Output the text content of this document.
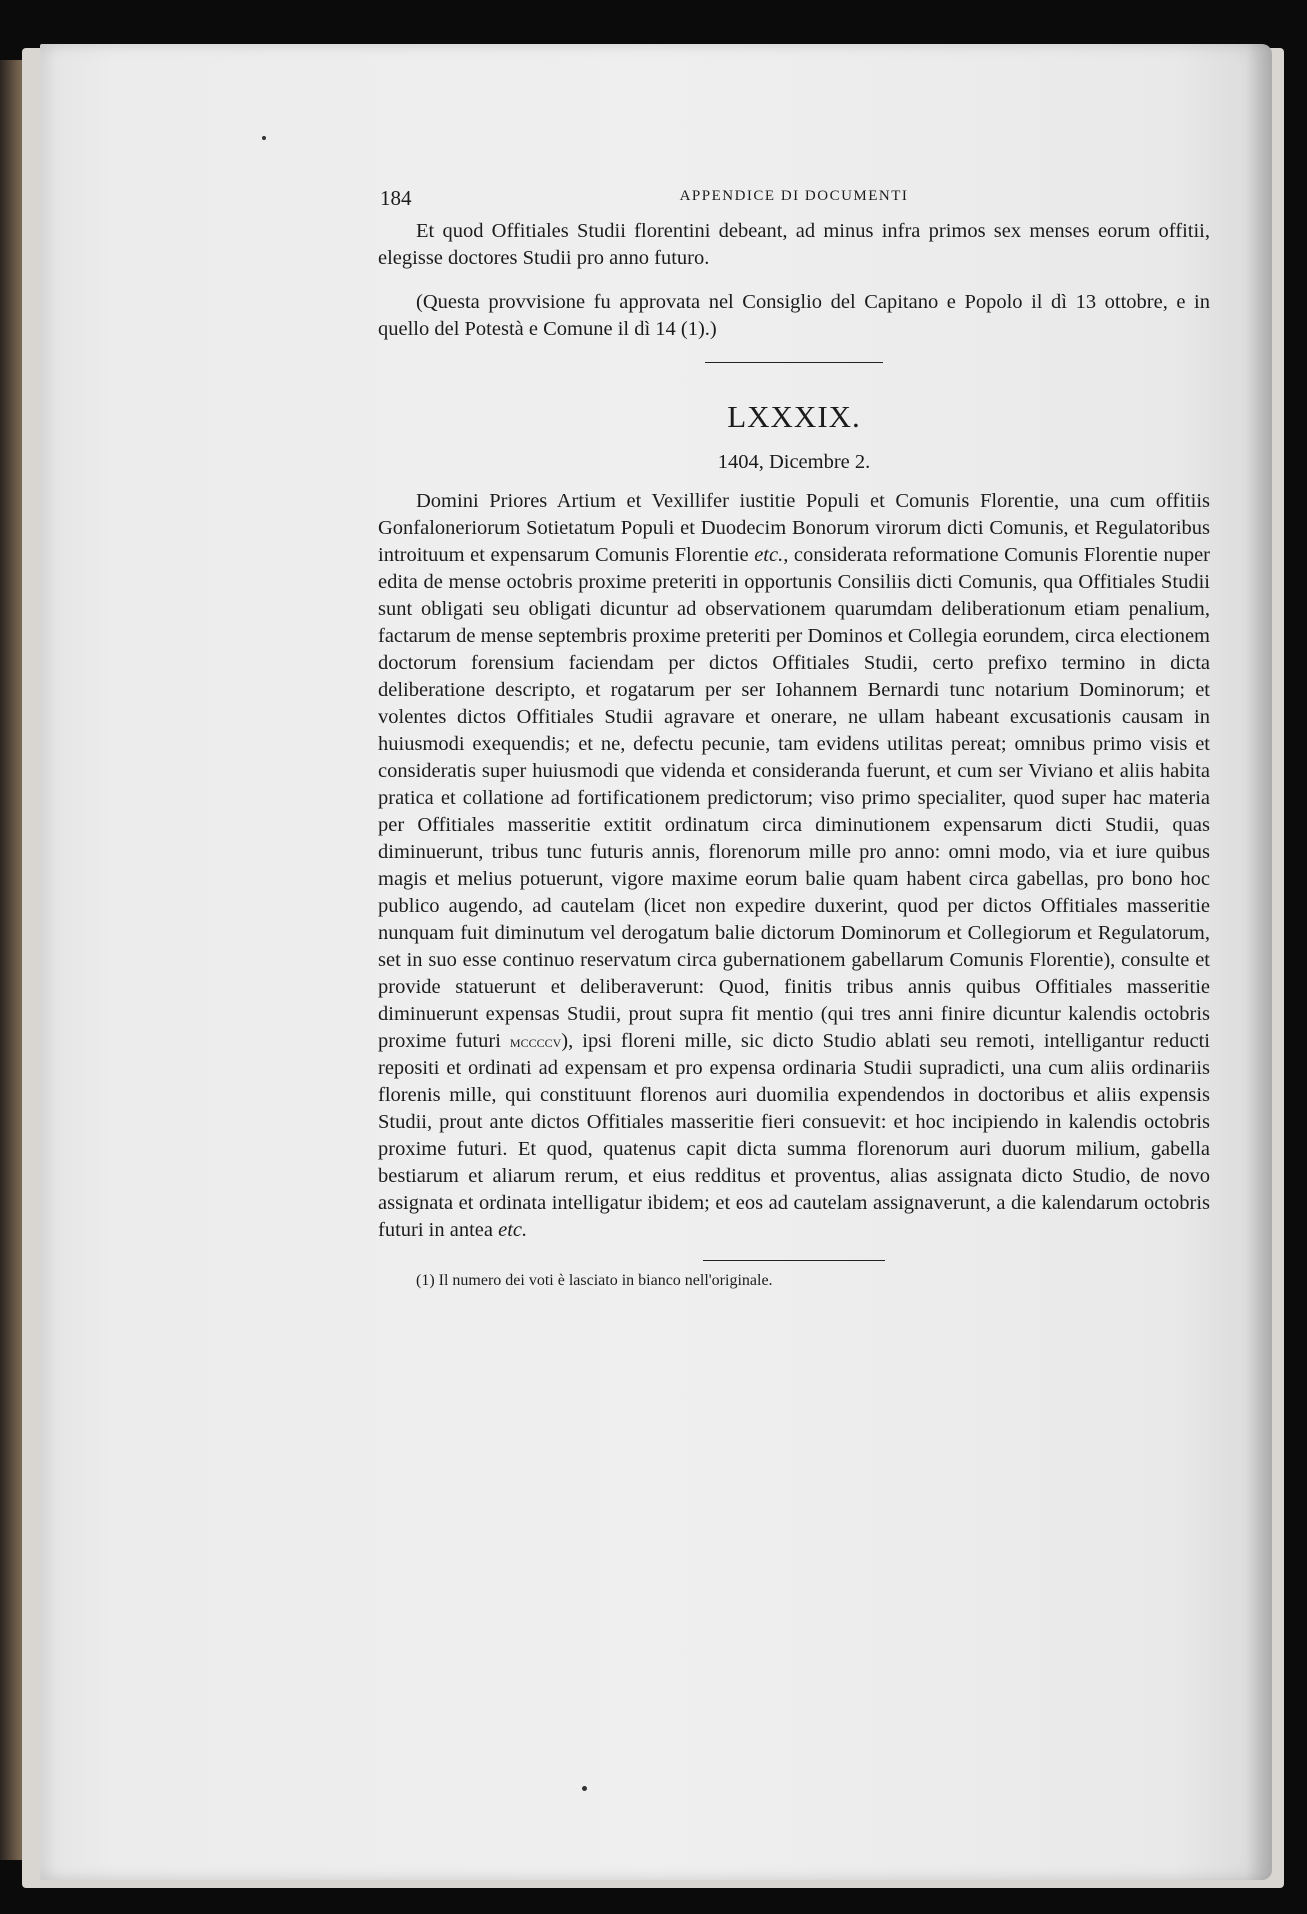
184	APPENDICE DI DOCUMENTI

Et quod Offitiales Studii florentini debeant, ad minus infra primos sex menses eorum offitii, elegisse doctores Studii pro anno futuro.

(Questa provvisione fu approvata nel Consiglio del Capitano e Popolo il dì 13 ottobre, e in quello del Potestà e Comune il dì 14 (1).)

LXXXIX.
1404, Dicembre 2.

Domini Priores Artium et Vexillifer iustitie Populi et Comunis Florentie, una cum offitiis Gonfaloneriorum Sotietatum Populi et Duodecim Bonorum virorum dicti Comunis, et Regulatoribus introituum et expensarum Comunis Florentie etc., considerata reformatione Comunis Florentie nuper edita de mense octobris proxime preteriti in opportunis Consiliis dicti Comunis, qua Offitiales Studii sunt obligati seu obligati dicuntur ad observationem quarumdam deliberationum etiam penalium, factarum de mense septembris proxime preteriti per Dominos et Collegia eorundem, circa electionem doctorum forensium faciendam per dictos Offitiales Studii, certo prefixo termino in dicta deliberatione descripto, et rogatarum per ser Iohannem Bernardi tunc notarium Dominorum; et volentes dictos Offitiales Studii agravare et onerare, ne ullam habeant excusationis causam in huiusmodi exequendis; et ne, defectu pecunie, tam evidens utilitas pereat; omnibus primo visis et consideratis super huiusmodi que videnda et consideranda fuerunt, et cum ser Viviano et aliis habita pratica et collatione ad fortificationem predictorum; viso primo specialiter, quod super hac materia per Offitiales masseritie extitit ordinatum circa diminutionem expensarum dicti Studii, quas diminuerunt, tribus tunc futuris annis, florenorum mille pro anno: omni modo, via et iure quibus magis et melius potuerunt, vigore maxime eorum balie quam habent circa gabellas, pro bono hoc publico augendo, ad cautelam (licet non expedire duxerint, quod per dictos Offitiales masseritie nunquam fuit diminutum vel derogatum balie dictorum Dominorum et Collegiorum et Regulatorum, set in suo esse continuo reservatum circa gubernationem gabellarum Comunis Florentie), consulte et provide statuerunt et deliberaverunt: Quod, finitis tribus annis quibus Offitiales masseritie diminuerunt expensas Studii, prout supra fit mentio (qui tres anni finire dicuntur kalendis octobris proxime futuri mccccv), ipsi floreni mille, sic dicto Studio ablati seu remoti, intelligantur reducti repositi et ordinati ad expensam et pro expensa ordinaria Studii supradicti, una cum aliis ordinariis florenis mille, qui constituunt florenos auri duomilia expendendos in doctoribus et aliis expensis Studii, prout ante dictos Offitiales masseritie fieri consuevit: et hoc incipiendo in kalendis octobris proxime futuri. Et quod, quatenus capit dicta summa florenorum auri duorum milium, gabella bestiarum et aliarum rerum, et eius redditus et proventus, alias assignata dicto Studio, de novo assignata et ordinata intelligatur ibidem; et eos ad cautelam assignaverunt, a die kalendarum octobris futuri in antea etc.

(1) Il numero dei voti è lasciato in bianco nell'originale.
